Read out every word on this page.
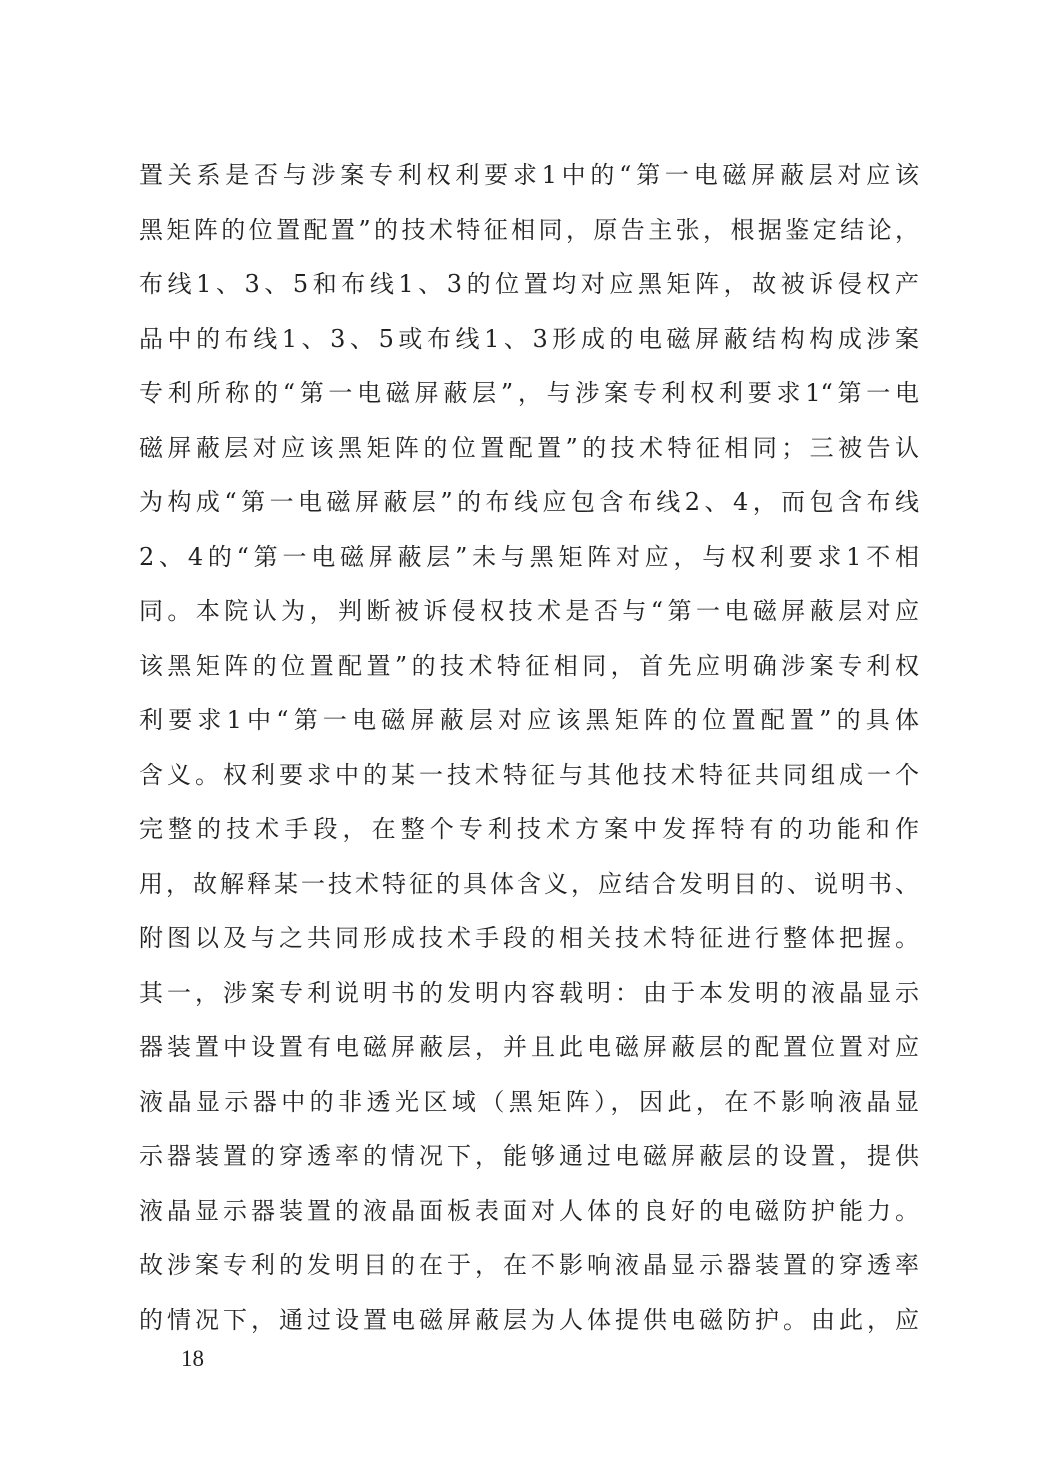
置关系是否与涉案专利权利要求1中的“第一电磁屏蔽层对应该
黑矩阵的位置配置”的技术特征相同，原告主张，根据鉴定结论，
布线1、3、5和布线1、3的位置均对应黑矩阵，故被诉侵权产
品中的布线1、3、5或布线1、3形成的电磁屏蔽结构构成涉案
专利所称的“第一电磁屏蔽层”，与涉案专利权利要求1“第一电
磁屏蔽层对应该黑矩阵的位置配置”的技术特征相同；三被告认
为构成“第一电磁屏蔽层”的布线应包含布线2、4，而包含布线
2、4的“第一电磁屏蔽层”未与黑矩阵对应，与权利要求1不相
同。本院认为，判断被诉侵权技术是否与“第一电磁屏蔽层对应
该黑矩阵的位置配置”的技术特征相同，首先应明确涉案专利权
利要求1中“第一电磁屏蔽层对应该黑矩阵的位置配置”的具体
含义。权利要求中的某一技术特征与其他技术特征共同组成一个
完整的技术手段，在整个专利技术方案中发挥特有的功能和作
用，故解释某一技术特征的具体含义，应结合发明目的、说明书、
附图以及与之共同形成技术手段的相关技术特征进行整体把握。
其一，涉案专利说明书的发明内容载明：由于本发明的液晶显示
器装置中设置有电磁屏蔽层，并且此电磁屏蔽层的配置位置对应
液晶显示器中的非透光区域（黑矩阵），因此，在不影响液晶显
示器装置的穿透率的情况下，能够通过电磁屏蔽层的设置，提供
液晶显示器装置的液晶面板表面对人体的良好的电磁防护能力。
故涉案专利的发明目的在于，在不影响液晶显示器装置的穿透率
的情况下，通过设置电磁屏蔽层为人体提供电磁防护。由此，应
18
